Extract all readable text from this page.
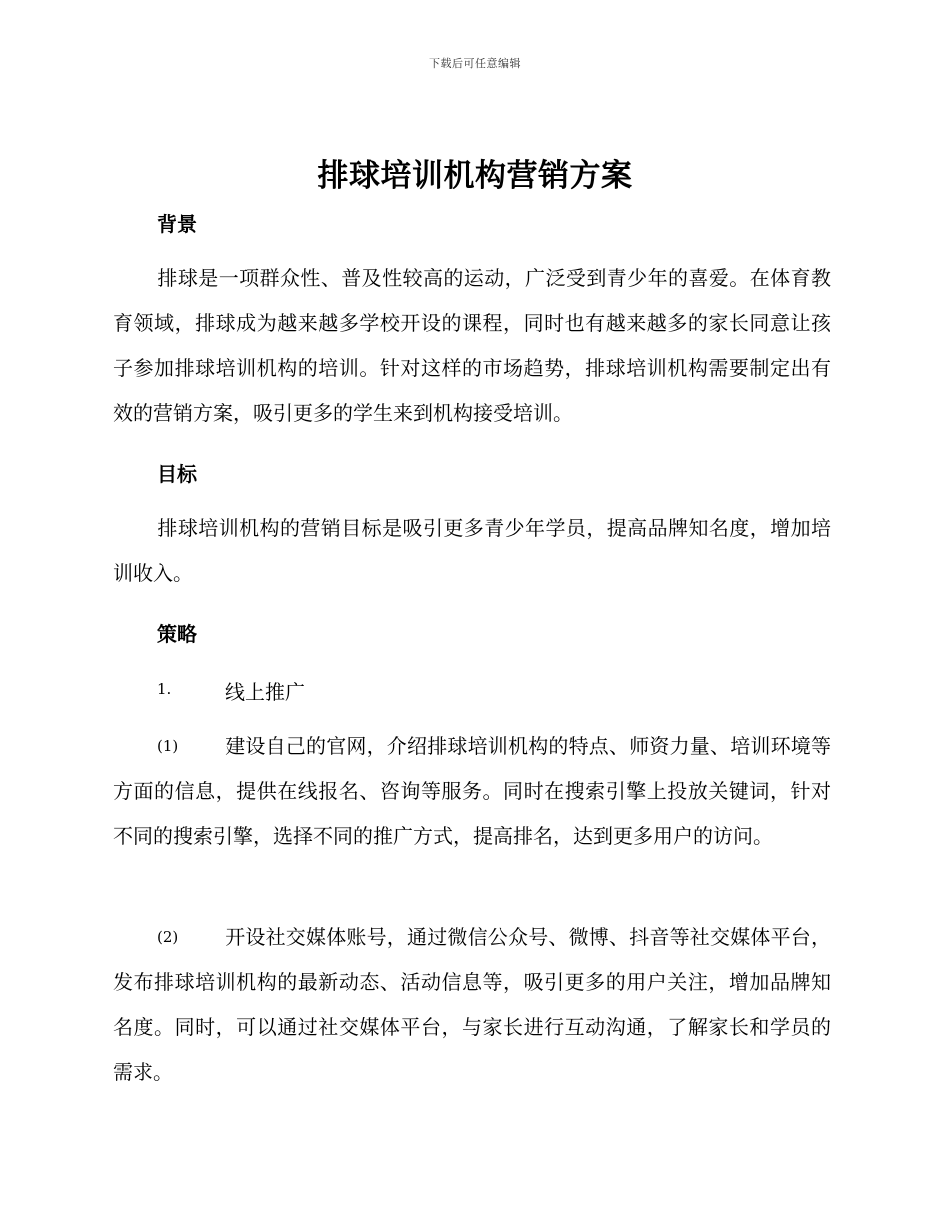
下载后可任意编辑
排球培训机构营销方案
背景

排球是一项群众性、普及性较高的运动，广泛受到青少年的喜爱。在体育教育领域，排球成为越来越多学校开设的课程，同时也有越来越多的家长同意让孩子参加排球培训机构的培训。针对这样的市场趋势，排球培训机构需要制定出有效的营销方案，吸引更多的学生来到机构接受培训。

目标

排球培训机构的营销目标是吸引更多青少年学员，提高品牌知名度，增加培训收入。

策略
1.	线上推广

(1) 建设自己的官网，介绍排球培训机构的特点、师资力量、培训环境等方面的信息，提供在线报名、咨询等服务。同时在搜索引擎上投放关键词，针对不同的搜索引擎，选择不同的推广方式，提高排名，达到更多用户的访问。

(2) 开设社交媒体账号，通过微信公众号、微博、抖音等社交媒体平台，发布排球培训机构的最新动态、活动信息等，吸引更多的用户关注，增加品牌知名度。同时，可以通过社交媒体平台，与家长进行互动沟通，了解家长和学员的需求。
